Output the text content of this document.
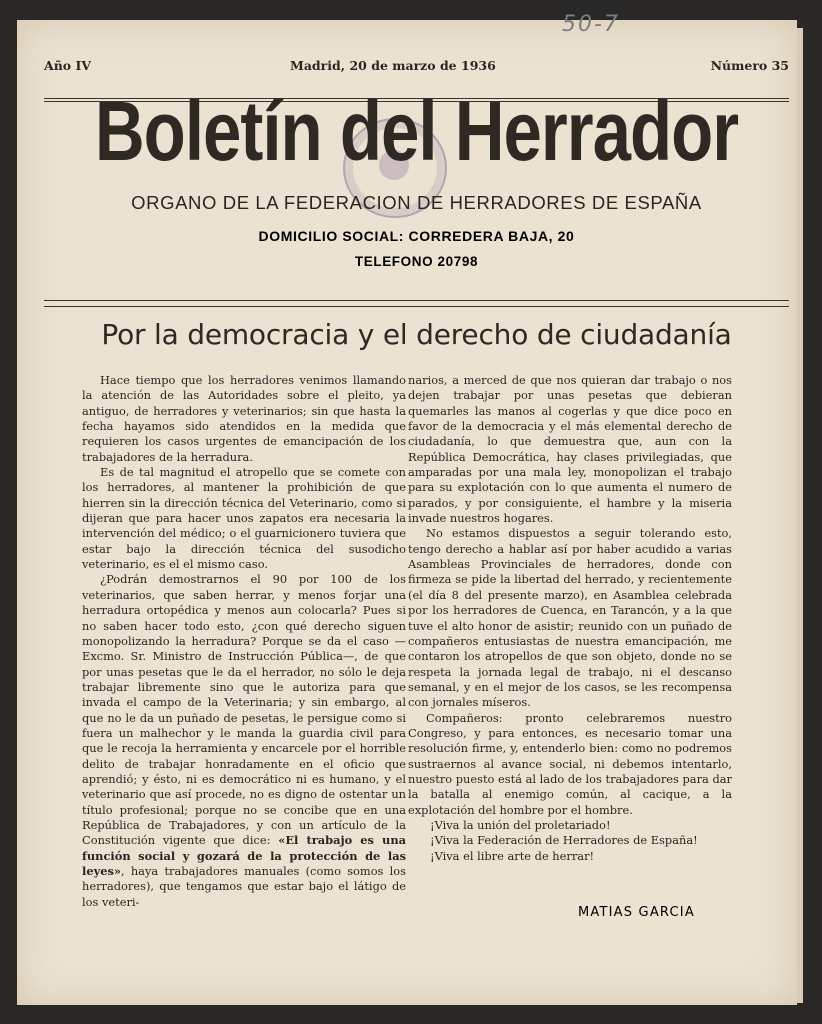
50-7
Año IV	Madrid, 20 de marzo de 1936	Número 35
Boletín del Herrador
ORGANO DE LA FEDERACION DE HERRADORES DE ESPAÑA
DOMICILIO SOCIAL: CORREDERA BAJA, 20
TELEFONO 20798
Por la democracia y el derecho de ciudadanía

Hace tiempo que los herradores venimos llamando la atención de las Autoridades sobre el pleito, ya antiguo, de herradores y veterinarios; sin que hasta la fecha hayamos sido atendidos en la medida que requieren los casos urgentes de emancipación de los trabajadores de la herradura.

Es de tal magnitud el atropello que se comete con los herradores, al mantener la prohibición de que hierren sin la dirección técnica del Veterinario, como si dijeran que para hacer unos zapatos era necesaria la intervención del médico; o el guarnicionero tuviera que estar bajo la dirección técnica del susodicho veterinario, es el el mismo caso.

¿Podrán demostrarnos el 90 por 100 de los veterinarios, que saben herrar, y menos forjar una herradura ortopédica y menos aun colocarla? Pues si no saben hacer todo esto, ¿con qué derecho siguen monopolizando la herradura? Porque se da el caso —Excmo. Sr. Ministro de Instrucción Pública—, de que por unas pesetas que le da el herrador, no sólo le deja trabajar libremente sino que le autoriza para que invada el campo de la Veterinaria; y sin embargo, al que no le da un puñado de pesetas, le persigue como si fuera un malhechor y le manda la guardia civil para que le recoja la herramienta y encarcele por el horrible delito de trabajar honradamente en el oficio que aprendió; y ésto, ni es democrático ni es humano, y el veterinario que así procede, no es digno de ostentar un título profesional; porque no se concibe que en una República de Trabajadores, y con un artículo de la Constitución vigente que dice: «El trabajo es una función social y gozará de la protección de las leyes», haya trabajadores manuales (como somos los herradores), que tengamos que estar bajo el látigo de los veteri-

narios, a merced de que nos quieran dar trabajo o nos dejen trabajar por unas pesetas que debieran quemarles las manos al cogerlas y que dice poco en favor de la democracia y el más elemental derecho de ciudadanía, lo que demuestra que, aun con la República Democrática, hay clases privilegiadas, que amparadas por una mala ley, monopolizan el trabajo para su explotación con lo que aumenta el numero de parados, y por consiguiente, el hambre y la miseria invade nuestros hogares.

No estamos dispuestos a seguir tolerando esto, tengo derecho a hablar así por haber acudido a varias Asambleas Provinciales de herradores, donde con firmeza se pide la libertad del herrado, y recientemente (el día 8 del presente marzo), en Asamblea celebrada por los herradores de Cuenca, en Tarancón, y a la que tuve el alto honor de asistir; reunido con un puñado de compañeros entusiastas de nuestra emancipación, me contaron los atropellos de que son objeto, donde no se respeta la jornada legal de trabajo, ni el descanso semanal, y en el mejor de los casos, se les recompensa con jornales míseros.

Compañeros: pronto celebraremos nuestro Congreso, y para entonces, es necesario tomar una resolución firme, y, entenderlo bien: como no podremos sustraernos al avance social, ni debemos intentarlo, nuestro puesto está al lado de los trabajadores para dar la batalla al enemigo común, al cacique, a la explotación del hombre por el hombre.

¡Viva la unión del proletariado!

¡Viva la Federación de Herradores de España!

¡Viva el libre arte de herrar!

MATIAS GARCIA
